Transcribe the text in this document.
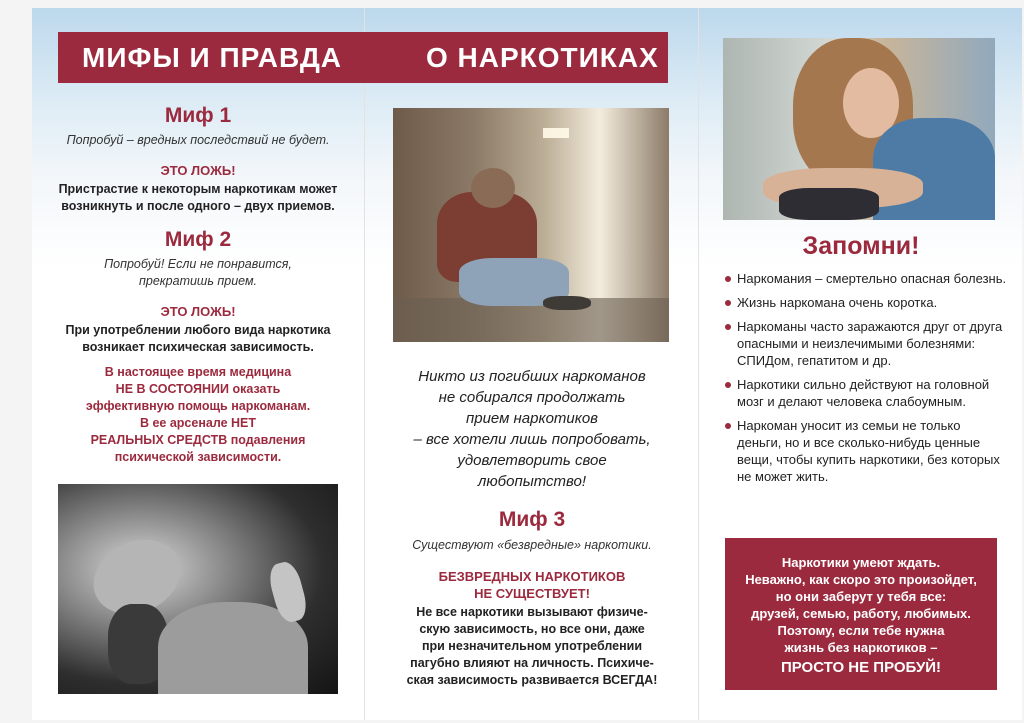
МИФЫ И ПРАВДА	О НАРКОТИКАХ
Миф 1
Попробуй – вредных последствий не будет.
ЭТО ЛОЖЬ!
Пристрастие к некоторым наркотикам может
возникнуть и после одного – двух приемов.
Миф 2
Попробуй! Если не понравится,
прекратишь прием.
ЭТО ЛОЖЬ!
При употреблении любого вида наркотика
возникает психическая зависимость.
В настоящее время медицина
НЕ В СОСТОЯНИИ оказать
эффективную помощь наркоманам.
В ее арсенале НЕТ
РЕАЛЬНЫХ СРЕДСТВ подавления
психической зависимости.
Никто из погибших наркоманов
не собирался продолжать
прием наркотиков
– все хотели лишь попробовать,
удовлетворить свое
любопытство!
Миф 3
Существуют «безвредные» наркотики.
БЕЗВРЕДНЫХ НАРКОТИКОВ
НЕ СУЩЕСТВУЕТ!
Не все наркотики вызывают физиче-
скую зависимость, но все они, даже
при незначительном употреблении
пагубно влияют на личность. Психиче-
ская зависимость развивается ВСЕГДА!
Запомни!
Наркомания – смертельно опасная болезнь.
Жизнь наркомана очень коротка.
Наркоманы часто заражаются друг от друга опасными и неизлечимыми болезнями: СПИДом, гепатитом и др.
Наркотики сильно действуют на головной мозг и делают человека слабоумным.
Наркоман уносит из семьи не только деньги, но и все сколько-нибудь ценные вещи, чтобы купить наркотики, без которых не может жить.
Наркотики умеют ждать.
Неважно, как скоро это произойдет,
но они заберут у тебя все:
друзей, семью, работу, любимых.
Поэтому, если тебе нужна
жизнь без наркотиков –
ПРОСТО НЕ ПРОБУЙ!
